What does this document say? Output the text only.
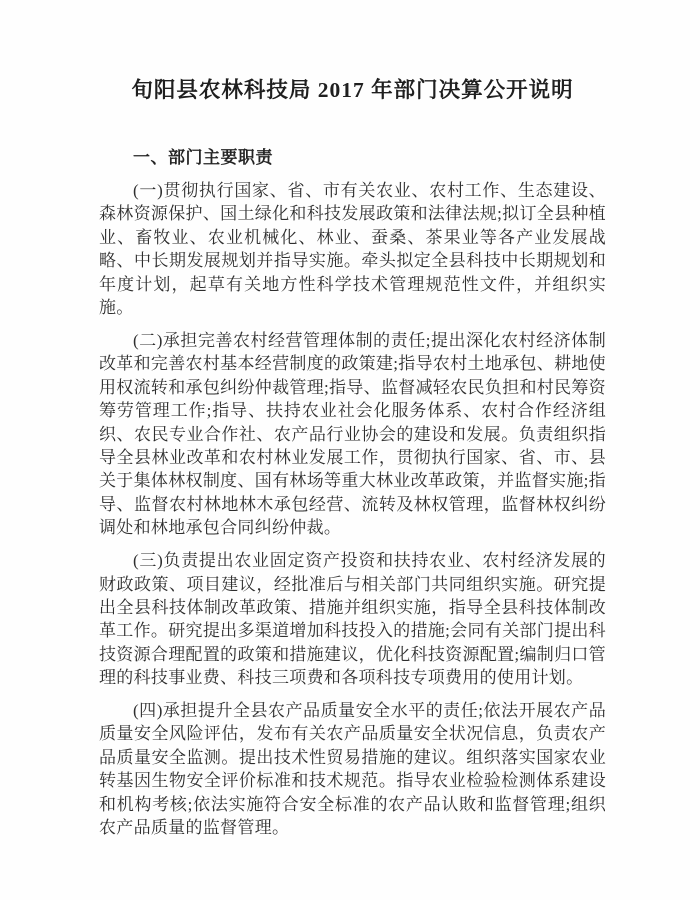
旬阳县农林科技局 2017 年部门决算公开说明
一、部门主要职责

(一)贯彻执行国家、省、市有关农业、农村工作、生态建设、森林资源保护、国土绿化和科技发展政策和法律法规;拟订全县种植业、畜牧业、农业机械化、林业、蚕桑、茶果业等各产业发展战略、中长期发展规划并指导实施。牵头拟定全县科技中长期规划和年度计划，起草有关地方性科学技术管理规范性文件，并组织实施。

(二)承担完善农村经营管理体制的责任;提出深化农村经济体制改革和完善农村基本经营制度的政策建;指导农村土地承包、耕地使用权流转和承包纠纷仲裁管理;指导、监督减轻农民负担和村民筹资筹劳管理工作;指导、扶持农业社会化服务体系、农村合作经济组织、农民专业合作社、农产品行业协会的建设和发展。负责组织指导全县林业改革和农村林业发展工作，贯彻执行国家、省、市、县关于集体林权制度、国有林场等重大林业改革政策，并监督实施;指导、监督农村林地林木承包经营、流转及林权管理，监督林权纠纷调处和林地承包合同纠纷仲裁。

(三)负责提出农业固定资产投资和扶持农业、农村经济发展的财政政策、项目建议，经批准后与相关部门共同组织实施。研究提出全县科技体制改革政策、措施并组织实施，指导全县科技体制改革工作。研究提出多渠道增加科技投入的措施;会同有关部门提出科技资源合理配置的政策和措施建议，优化科技资源配置;编制归口管理的科技事业费、科技三项费和各项科技专项费用的使用计划。

(四)承担提升全县农产品质量安全水平的责任;依法开展农产品质量安全风险评估，发布有关农产品质量安全状况信息，负责农产品质量安全监测。提出技术性贸易措施的建议。组织落实国家农业转基因生物安全评价标准和技术规范。指导农业检验检测体系建设和机构考核;依法实施符合安全标准的农产品认敗和监督管理;组织农产品质量的监督管理。
